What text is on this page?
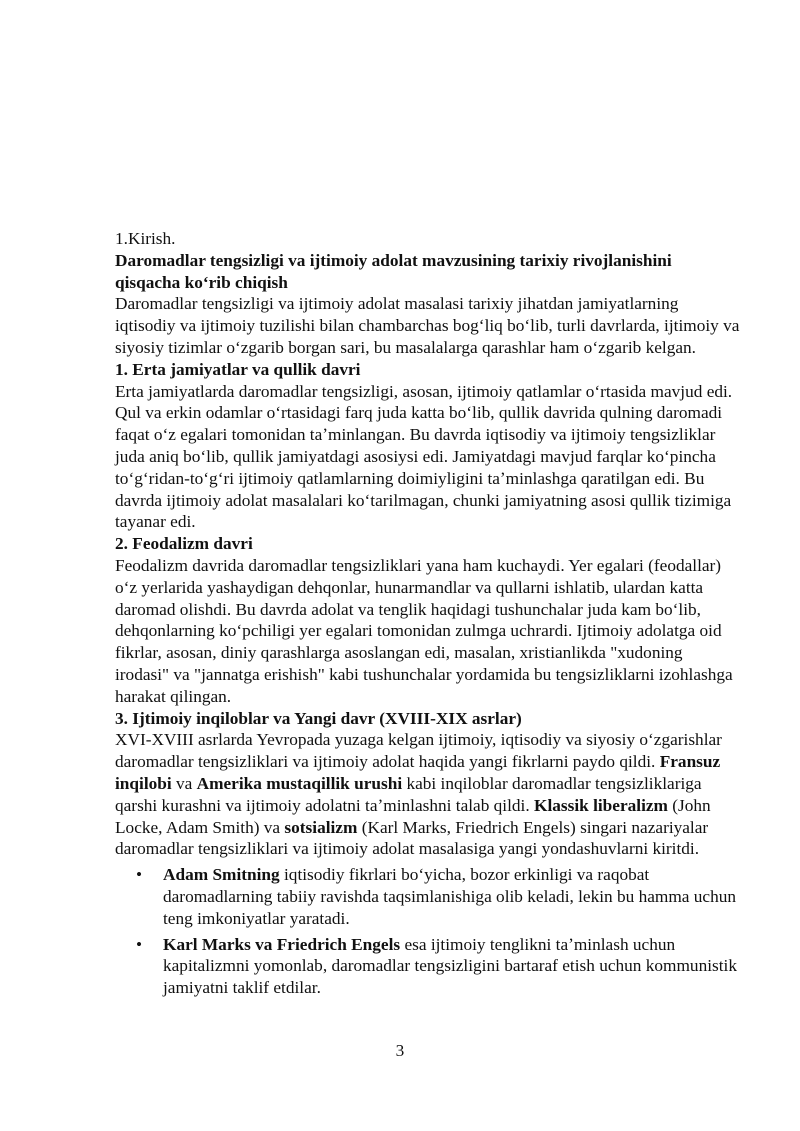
1.Kirish.

Daromadlar tengsizligi va ijtimoiy adolat mavzusining tarixiy rivojlanishini qisqacha koʻrib chiqish

Daromadlar tengsizligi va ijtimoiy adolat masalasi tarixiy jihatdan jamiyatlarning iqtisodiy va ijtimoiy tuzilishi bilan chambarchas bogʻliq boʻlib, turli davrlarda, ijtimoiy va siyosiy tizimlar oʻzgarib borgan sari, bu masalalarga qarashlar ham oʻzgarib kelgan.

1. Erta jamiyatlar va qullik davri

Erta jamiyatlarda daromadlar tengsizligi, asosan, ijtimoiy qatlamlar oʻrtasida mavjud edi. Qul va erkin odamlar oʻrtasidagi farq juda katta boʻlib, qullik davrida qulning daromadi faqat oʻz egalari tomonidan taʼminlangan. Bu davrda iqtisodiy va ijtimoiy tengsizliklar juda aniq boʻlib, qullik jamiyatdagi asosiysi edi. Jamiyatdagi mavjud farqlar koʻpincha toʻgʻridan-toʻgʻri ijtimoiy qatlamlarning doimiyligini taʼminlashga qaratilgan edi. Bu davrda ijtimoiy adolat masalalari koʻtarilmagan, chunki jamiyatning asosi qullik tizimiga tayanar edi.

2. Feodalizm davri

Feodalizm davrida daromadlar tengsizliklari yana ham kuchaydi. Yer egalari (feodallar) oʻz yerlarida yashaydigan dehqonlar, hunarmandlar va qullarni ishlatib, ulardan katta daromad olishdi. Bu davrda adolat va tenglik haqidagi tushunchalar juda kam boʻlib, dehqonlarning koʻpchiligi yer egalari tomonidan zulmga uchrardi. Ijtimoiy adolatga oid fikrlar, asosan, diniy qarashlarga asoslangan edi, masalan, xristianlikda "xudoning irodasi" va "jannatga erishish" kabi tushunchalar yordamida bu tengsizliklarni izohlashga harakat qilingan.

3. Ijtimoiy inqiloblar va Yangi davr (XVIII-XIX asrlar)

XVI-XVIII asrlarda Yevropada yuzaga kelgan ijtimoiy, iqtisodiy va siyosiy oʻzgarishlar daromadlar tengsizliklari va ijtimoiy adolat haqida yangi fikrlarni paydo qildi. Fransuz inqilobi va Amerika mustaqillik urushi kabi inqiloblar daromadlar tengsizliklariga qarshi kurashni va ijtimoiy adolatni taʼminlashni talab qildi. Klassik liberalizm (John Locke, Adam Smith) va sotsializm (Karl Marks, Friedrich Engels) singari nazariyalar daromadlar tengsizliklari va ijtimoiy adolat masalasiga yangi yondashuvlarni kiritdi.

• Adam Smitning iqtisodiy fikrlari boʻyicha, bozor erkinligi va raqobat daromadlarning tabiiy ravishda taqsimlanishiga olib keladi, lekin bu hamma uchun teng imkoniyatlar yaratadi.
• Karl Marks va Friedrich Engels esa ijtimoiy tenglikni taʼminlash uchun kapitalizmni yomonlab, daromadlar tengsizligini bartaraf etish uchun kommunistik jamiyatni taklif etdilar.
3
